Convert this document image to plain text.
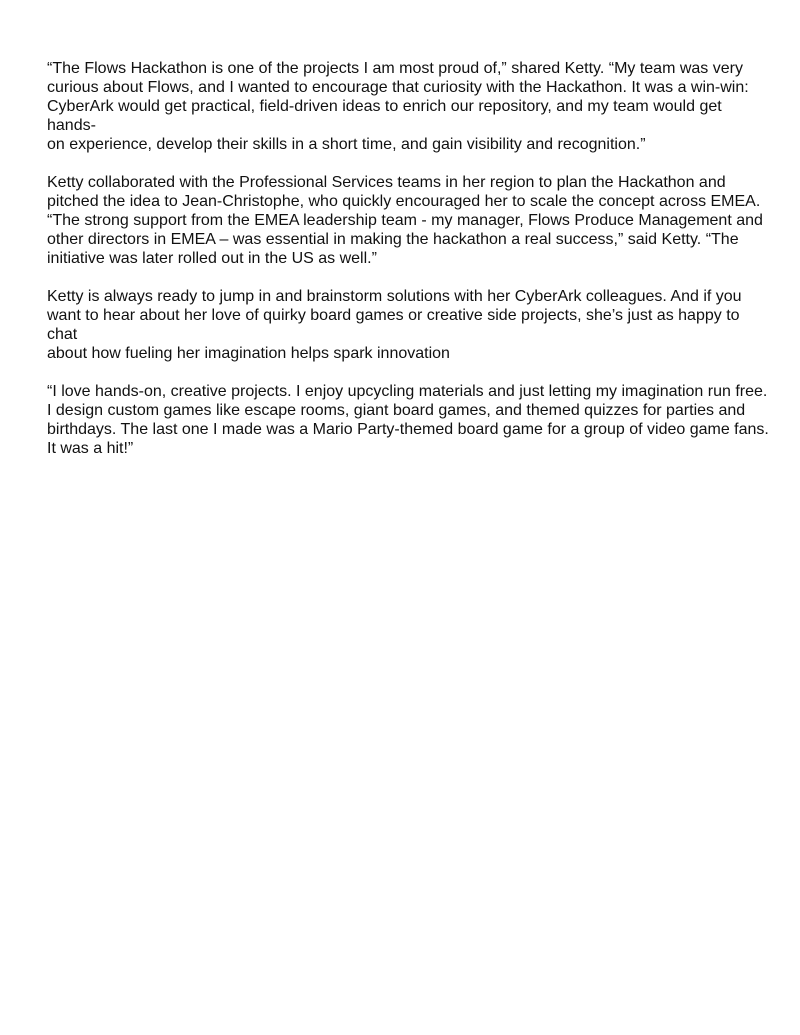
“The Flows Hackathon is one of the projects I am most proud of,” shared Ketty. “My team was very
curious about Flows, and I wanted to encourage that curiosity with the Hackathon. It was a win-win:
CyberArk would get practical, field-driven ideas to enrich our repository, and my team would get hands-
on experience, develop their skills in a short time, and gain visibility and recognition.”

Ketty collaborated with the Professional Services teams in her region to plan the Hackathon and
pitched the idea to Jean-Christophe, who quickly encouraged her to scale the concept across EMEA.
“The strong support from the EMEA leadership team - my manager, Flows Produce Management and
other directors in EMEA – was essential in making the hackathon a real success,” said Ketty. “The
initiative was later rolled out in the US as well.”

Ketty is always ready to jump in and brainstorm solutions with her CyberArk colleagues. And if you
want to hear about her love of quirky board games or creative side projects, she’s just as happy to chat
about how fueling her imagination helps spark innovation

“I love hands-on, creative projects. I enjoy upcycling materials and just letting my imagination run free.
I design custom games like escape rooms, giant board games, and themed quizzes for parties and
birthdays. The last one I made was a Mario Party-themed board game for a group of video game fans.
It was a hit!”
